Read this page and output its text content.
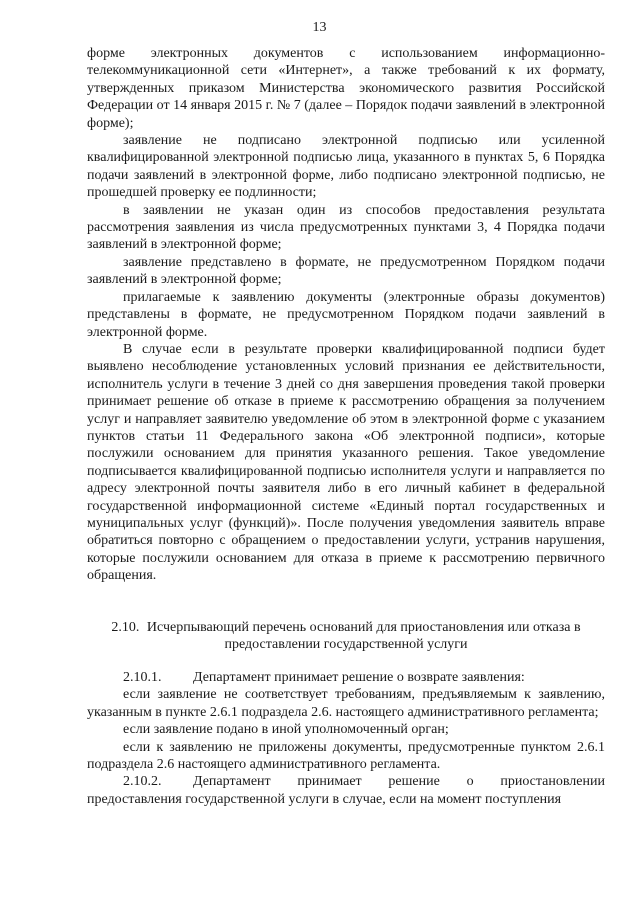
13

форме электронных документов с использованием информационно-телекоммуникационной сети «Интернет», а также требований к их формату, утвержденных приказом Министерства экономического развития Российской Федерации от 14 января 2015 г. № 7 (далее – Порядок подачи заявлений в электронной форме);

заявление не подписано электронной подписью или усиленной квалифицированной электронной подписью лица, указанного в пунктах 5, 6 Порядка подачи заявлений в электронной форме, либо подписано электронной подписью, не прошедшей проверку ее подлинности;

в заявлении не указан один из способов предоставления результата рассмотрения заявления из числа предусмотренных пунктами 3, 4 Порядка подачи заявлений в электронной форме;

заявление представлено в формате, не предусмотренном Порядком подачи заявлений в электронной форме;

прилагаемые к заявлению документы (электронные образы документов) представлены в формате, не предусмотренном Порядком подачи заявлений в электронной форме.

В случае если в результате проверки квалифицированной подписи будет выявлено несоблюдение установленных условий признания ее действительности, исполнитель услуги в течение 3 дней со дня завершения проведения такой проверки принимает решение об отказе в приеме к рассмотрению обращения за получением услуг и направляет заявителю уведомление об этом в электронной форме с указанием пунктов статьи 11 Федерального закона «Об электронной подписи», которые послужили основанием для принятия указанного решения. Такое уведомление подписывается квалифицированной подписью исполнителя услуги и направляется по адресу электронной почты заявителя либо в его личный кабинет в федеральной государственной информационной системе «Единый портал государственных и муниципальных услуг (функций)». После получения уведомления заявитель вправе обратиться повторно с обращением о предоставлении услуги, устранив нарушения, которые послужили основанием для отказа в приеме к рассмотрению первичного обращения.

2.10. Исчерпывающий перечень оснований для приостановления или отказа в предоставлении государственной услуги

2.10.1. Департамент принимает решение о возврате заявления:

если заявление не соответствует требованиям, предъявляемым к заявлению, указанным в пункте 2.6.1 подраздела 2.6. настоящего административного регламента;

если заявление подано в иной уполномоченный орган;

если к заявлению не приложены документы, предусмотренные пунктом 2.6.1 подраздела 2.6 настоящего административного регламента.

2.10.2. Департамент принимает решение о приостановлении предоставления государственной услуги в случае, если на момент поступления
